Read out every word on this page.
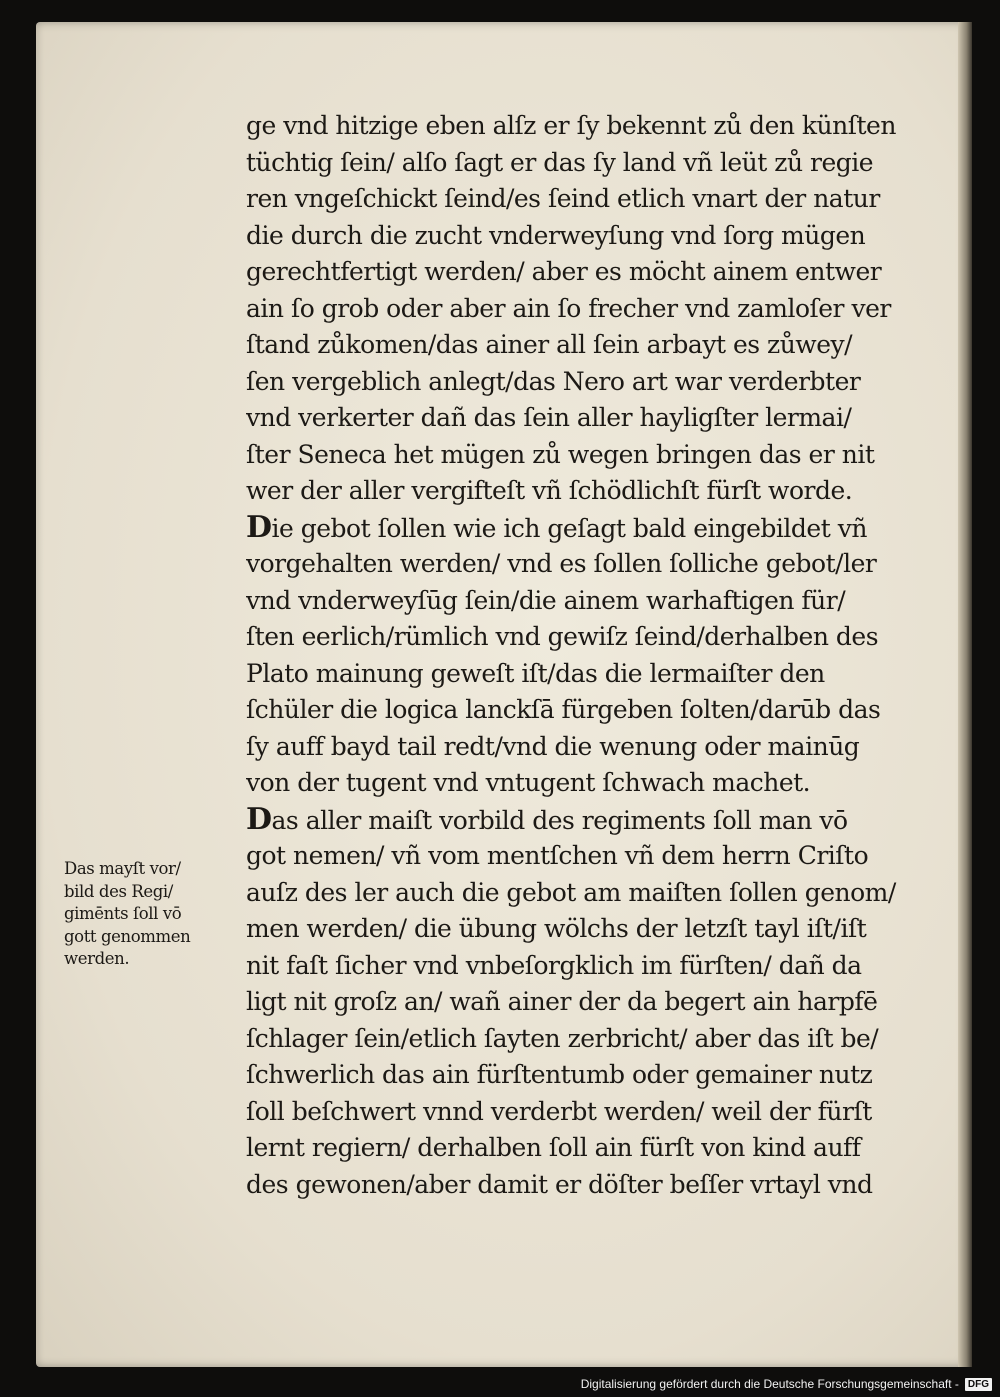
ge vnd hitzige eben alſz er ſy bekennt zů den künſten
tüchtig ſein/ alſo ſagt er das ſy land vñ leüt zů regie
ren vngeſchickt ſeind/es ſeind etlich vnart der natur
die durch die zucht vnderweyſung vnd ſorg mügen
gerechtfertigt werden/ aber es möcht ainem entwer
ain ſo grob oder aber ain ſo frecher vnd zamloſer ver
ſtand zůkomen/das ainer all ſein arbayt es zůwey/
ſen vergeblich anlegt/das Nero art war verderbter
vnd verkerter dañ das ſein aller hayligſter lermai/
ſter Seneca het mügen zů wegen bringen das er nit
wer der aller vergifteſt vñ ſchödlichſt fürſt worde.
Die gebot ſollen wie ich geſagt bald eingebildet vñ
vorgehalten werden/ vnd es ſollen ſolliche gebot/ler
vnd vnderweyſūg ſein/die ainem warhaftigen für/
ſten eerlich/rümlich vnd gewiſz ſeind/derhalben des
Plato mainung geweſt iſt/das die lermaiſter den
ſchüler die logica lanckſā fürgeben ſolten/darūb das
ſy auff bayd tail redt/vnd die wenung oder mainūg
von der tugent vnd vntugent ſchwach machet.
Das aller maiſt vorbild des regiments ſoll man vō
got nemen/ vñ vom mentſchen vñ dem herrn Criſto
auſz des ler auch die gebot am maiſten ſollen genom/
men werden/ die übung wölchs der letzſt tayl iſt/iſt
nit faſt ſicher vnd vnbeſorgklich im fürſten/ dañ da
ligt nit groſz an/ wañ ainer der da begert ain harpfē
ſchlager ſein/etlich ſayten zerbricht/ aber das iſt be/
ſchwerlich das ain fürſtentumb oder gemainer nutz
ſoll beſchwert vnnd verderbt werden/ weil der fürſt
lernt regiern/ derhalben ſoll ain fürſt von kind auff
des gewonen/aber damit er döſter beſſer vrtayl vnd
Das mayſt vor/
bild des Regi/
gimēnts ſoll vō
gott genommen
werden.
Digitalisierung gefördert durch die Deutsche Forschungsgemeinschaft - DFG
